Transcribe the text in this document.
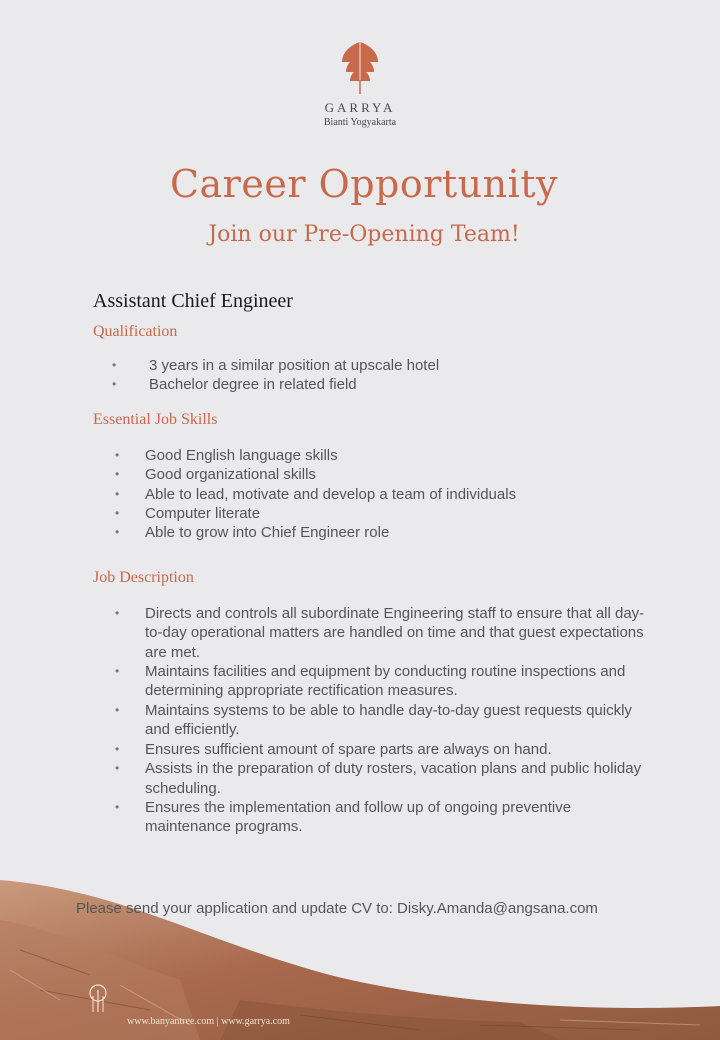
GARRYA
Bianti Yogyakarta
Career Opportunity
Join our Pre-Opening Team!
Assistant Chief Engineer
Qualification
• 3 years in a similar position at upscale hotel
• Bachelor degree in related field
Essential Job Skills
• Good English language skills
• Good organizational skills
• Able to lead, motivate and develop a team of individuals
• Computer literate
• Able to grow into Chief Engineer role
Job Description
• Directs and controls all subordinate Engineering staff to ensure that all day-to-day operational matters are handled on time and that guest expectations are met.
• Maintains facilities and equipment by conducting routine inspections and determining appropriate rectification measures.
• Maintains systems to be able to handle day-to-day guest requests quickly and efficiently.
• Ensures sufficient amount of spare parts are always on hand.
• Assists in the preparation of duty rosters, vacation plans and public holiday scheduling.
• Ensures the implementation and follow up of ongoing preventive maintenance programs.
Please send your application and update CV to: Disky.Amanda@angsana.com
www.banyantree.com | www.garrya.com
